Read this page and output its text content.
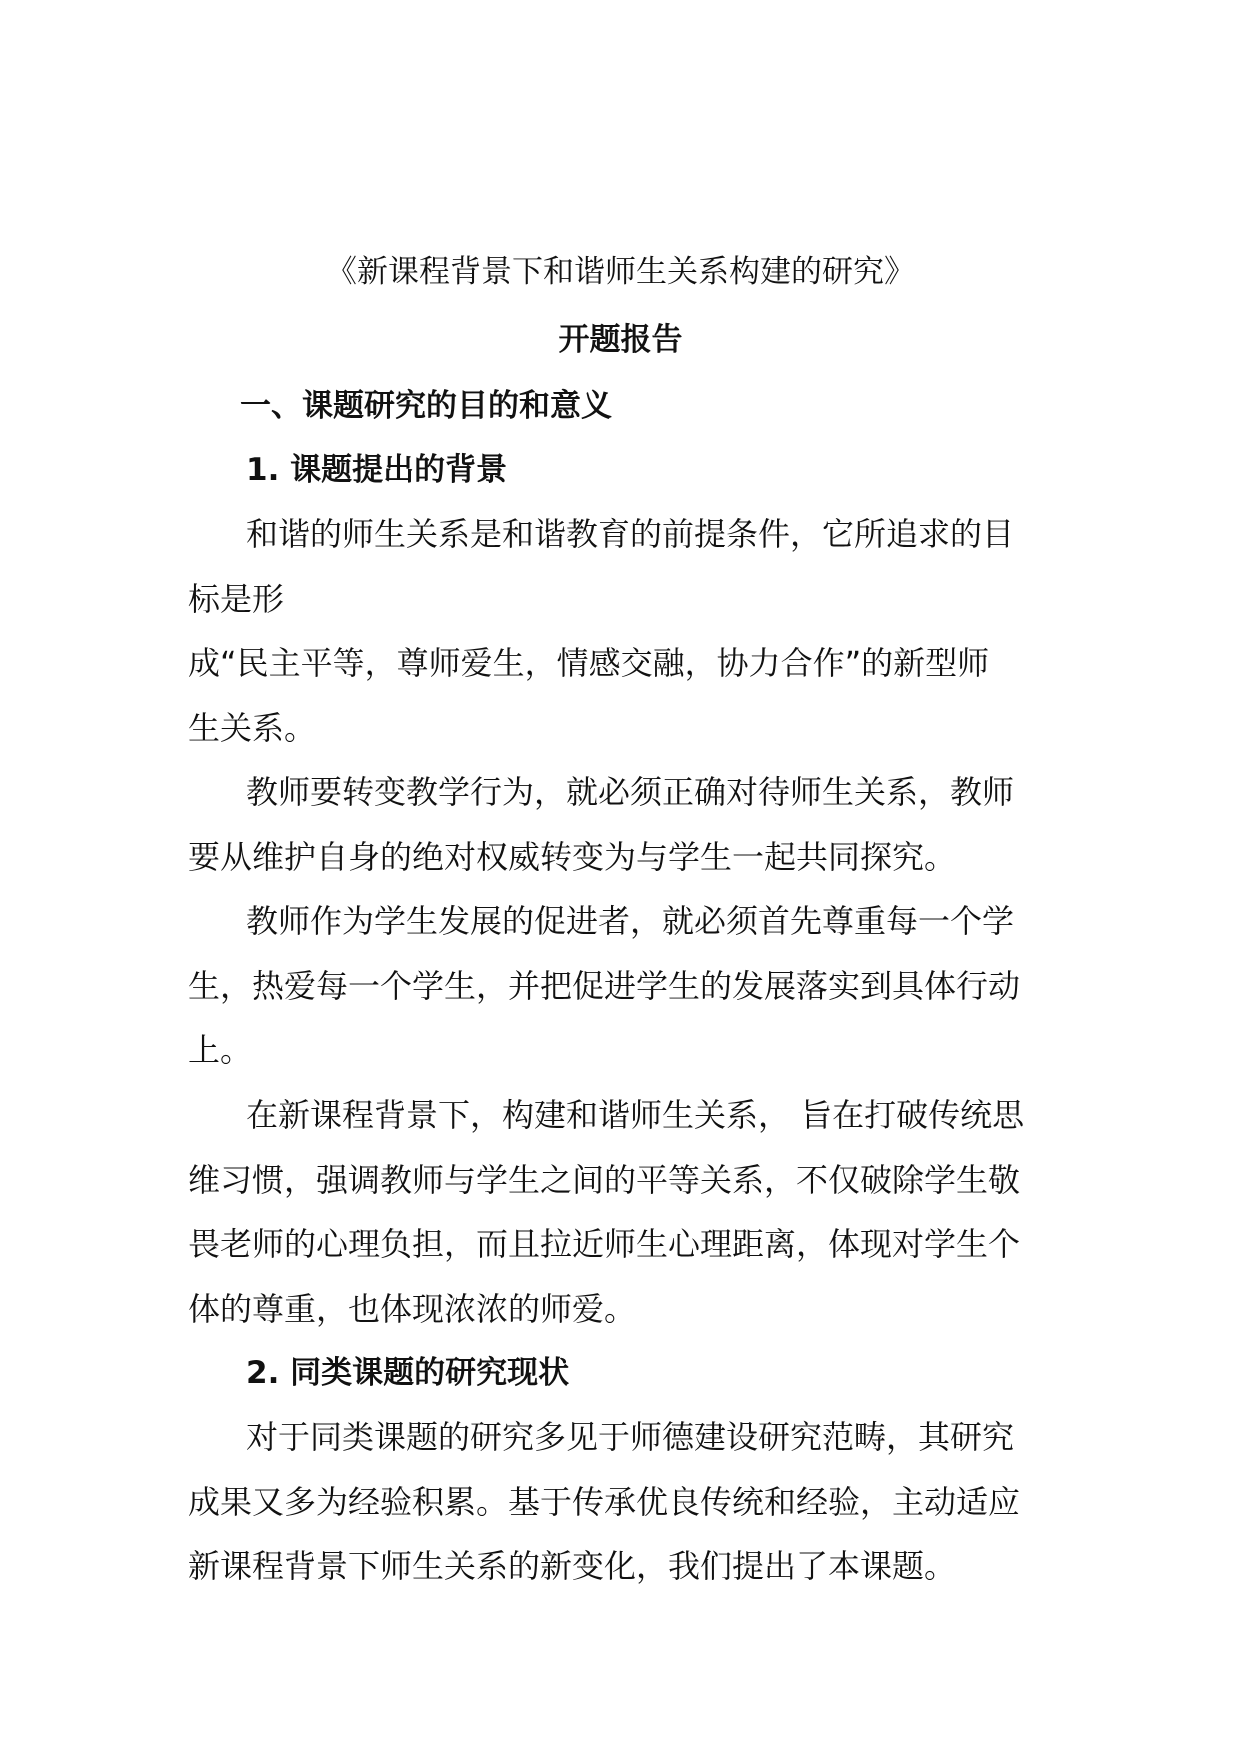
《新课程背景下和谐师生关系构建的研究》
开题报告
一、课题研究的目的和意义
1. 课题提出的背景
和谐的师生关系是和谐教育的前提条件，它所追求的目
标是形
成“民主平等，尊师爱生，情感交融，协力合作”的新型师
生关系。
教师要转变教学行为，就必须正确对待师生关系，教师
要从维护自身的绝对权威转变为与学生一起共同探究。
教师作为学生发展的促进者，就必须首先尊重每一个学
生，热爱每一个学生，并把促进学生的发展落实到具体行动
上。
在新课程背景下，构建和谐师生关系， 旨在打破传统思
维习惯，强调教师与学生之间的平等关系，不仅破除学生敬
畏老师的心理负担，而且拉近师生心理距离，体现对学生个
体的尊重，也体现浓浓的师爱。
2. 同类课题的研究现状
对于同类课题的研究多见于师德建设研究范畴，其研究
成果又多为经验积累。基于传承优良传统和经验，主动适应
新课程背景下师生关系的新变化，我们提出了本课题。
